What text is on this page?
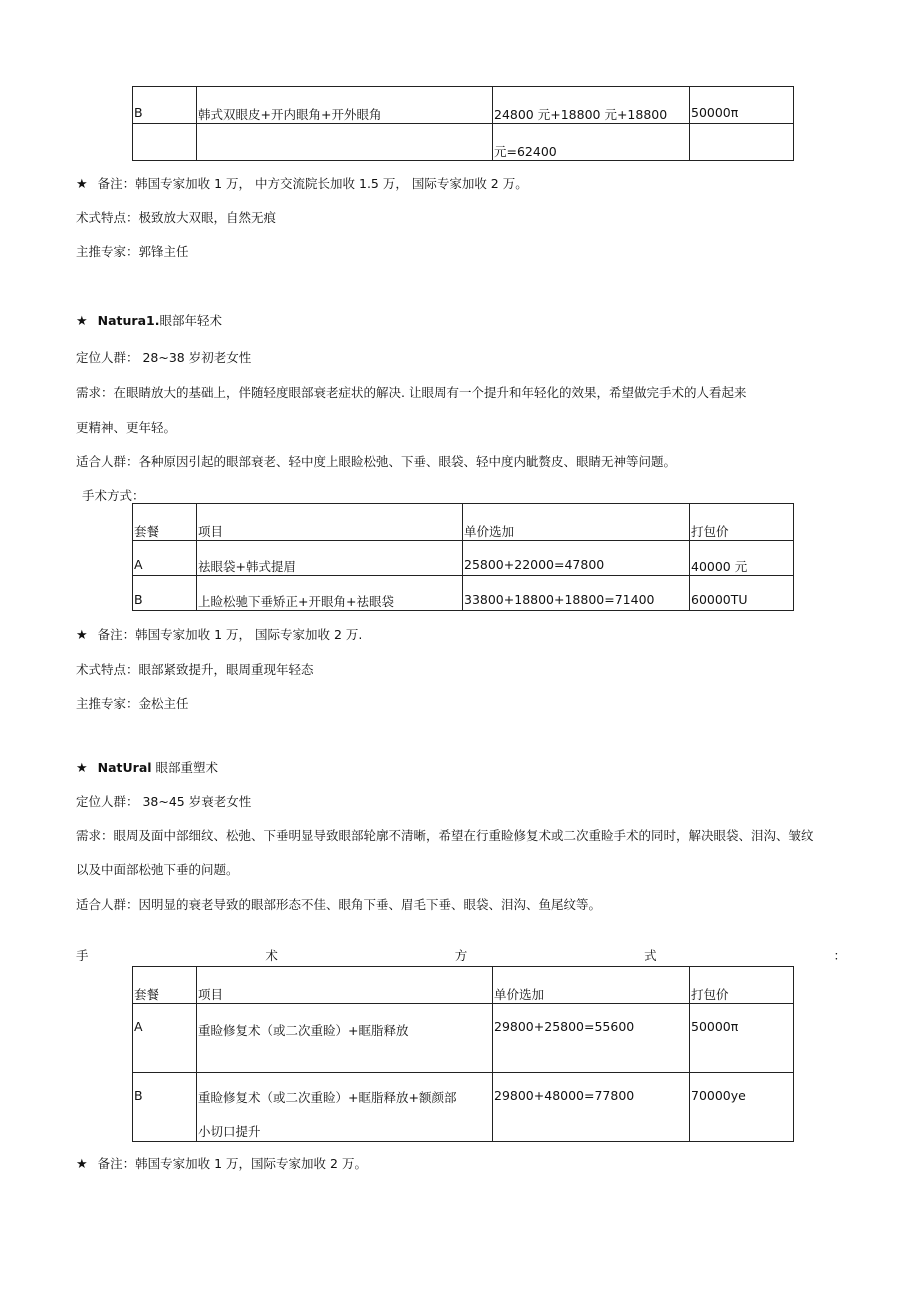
B	韩式双眼皮+开内眼角+开外眼角	24800 元+18800 元+18800	50000π
		元=62400	
★ 备注：韩国专家加收 1 万， 中方交流院长加收 1.5 万， 国际专家加收 2 万。
术式特点：极致放大双眼，自然无痕
主推专家：郭锋主任
★ Natura1.眼部年轻术
定位人群： 28~38 岁初老女性
需求：在眼睛放大的基础上，伴随轻度眼部衰老症状的解决. 让眼周有一个提升和年轻化的效果，希望做完手术的人看起来
更精神、更年轻。
适合人群：各种原因引起的眼部衰老、轻中度上眼睑松弛、下垂、眼袋、轻中度内眦赘皮、眼睛无神等问题。
手术方式：
套餐	项目	单价选加	打包价
A	祛眼袋+韩式提眉	25800+22000=47800	40000 元
B	上睑松驰下垂矫正+开眼角+祛眼袋	33800+18800+18800=71400	60000TU
★ 备注：韩国专家加收 1 万， 国际专家加收 2 万.
术式特点：眼部紧致提升，眼周重现年轻态
主推专家：金松主任
★ NatUral 眼部重塑术
定位人群： 38~45 岁衰老女性
需求：眼周及面中部细纹、松弛、下垂明显导致眼部轮廓不清晰，希望在行重睑修复术或二次重睑手术的同时，解决眼袋、泪沟、皱纹
以及中面部松弛下垂的问题。
适合人群：因明显的衰老导致的眼部形态不佳、眼角下垂、眉毛下垂、眼袋、泪沟、鱼尾纹等。
手	术	方	式	：
套餐	项目	单价选加	打包价
A	重睑修复术（或二次重睑）+眶脂释放	29800+25800=55600	50000π
B	重睑修复术（或二次重睑）+眶脂释放+额颜部
小切口提升	29800+48000=77800	70000ye
★ 备注：韩国专家加收 1 万，国际专家加收 2 万。
